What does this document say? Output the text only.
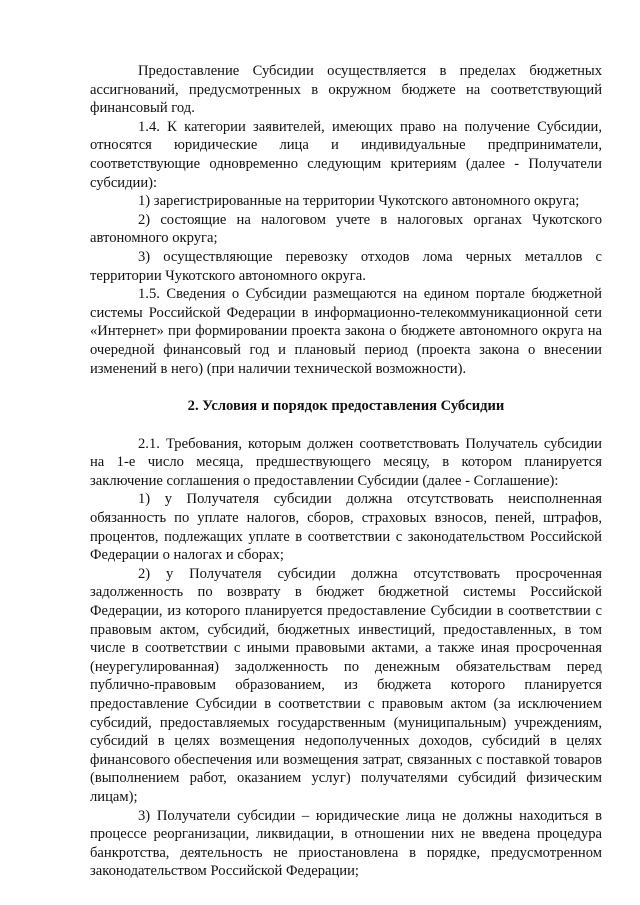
Предоставление Субсидии осуществляется в пределах бюджетных ассигнований, предусмотренных в окружном бюджете на соответствующий финансовый год.

1.4. К категории заявителей, имеющих право на получение Субсидии, относятся юридические лица и индивидуальные предприниматели, соответствующие одновременно следующим критериям (далее - Получатели субсидии):

1) зарегистрированные на территории Чукотского автономного округа;

2) состоящие на налоговом учете в налоговых органах Чукотского автономного округа;

3) осуществляющие перевозку отходов лома черных металлов с территории Чукотского автономного округа.

1.5. Сведения о Субсидии размещаются на едином портале бюджетной системы Российской Федерации в информационно-телекоммуникационной сети «Интернет» при формировании проекта закона о бюджете автономного округа на очередной финансовый год и плановый период (проекта закона о внесении изменений в него) (при наличии технической возможности).

2. Условия и порядок предоставления Субсидии

2.1. Требования, которым должен соответствовать Получатель субсидии на 1-е число месяца, предшествующего месяцу, в котором планируется заключение соглашения о предоставлении Субсидии (далее - Соглашение):

1) у Получателя субсидии должна отсутствовать неисполненная обязанность по уплате налогов, сборов, страховых взносов, пеней, штрафов, процентов, подлежащих уплате в соответствии с законодательством Российской Федерации о налогах и сборах;

2) у Получателя субсидии должна отсутствовать просроченная задолженность по возврату в бюджет бюджетной системы Российской Федерации, из которого планируется предоставление Субсидии в соответствии с правовым актом, субсидий, бюджетных инвестиций, предоставленных, в том числе в соответствии с иными правовыми актами, а также иная просроченная (неурегулированная) задолженность по денежным обязательствам перед публично-правовым образованием, из бюджета которого планируется предоставление Субсидии в соответствии с правовым актом (за исключением субсидий, предоставляемых государственным (муниципальным) учреждениям, субсидий в целях возмещения недополученных доходов, субсидий в целях финансового обеспечения или возмещения затрат, связанных с поставкой товаров (выполнением работ, оказанием услуг) получателями субсидий физическим лицам);

3) Получатели субсидии – юридические лица не должны находиться в процессе реорганизации, ликвидации, в отношении них не введена процедура банкротства, деятельность не приостановлена в порядке, предусмотренном законодательством Российской Федерации;
